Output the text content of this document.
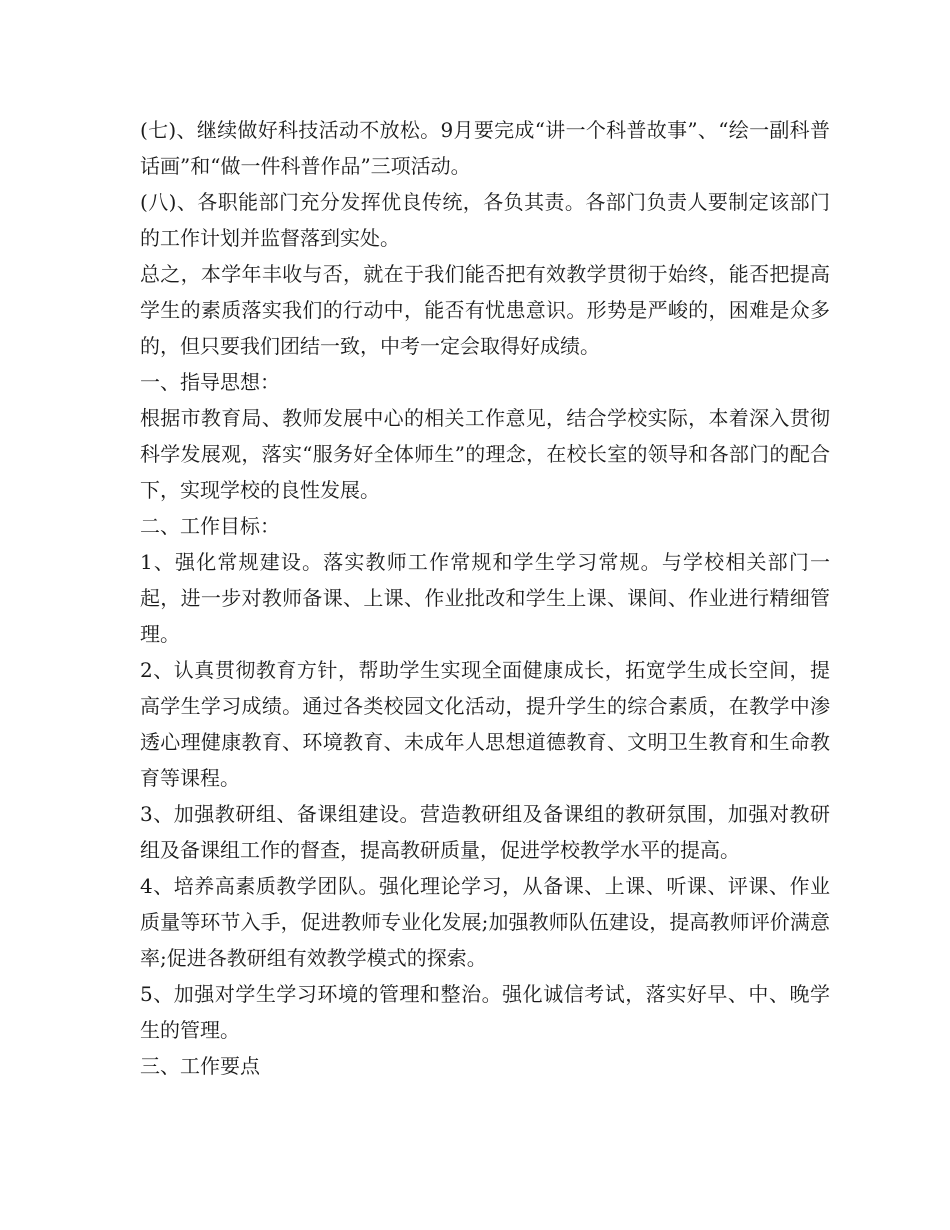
(七)、继续做好科技活动不放松。9月要完成“讲一个科普故事”、“绘一副科普话画”和“做一件科普作品”三项活动。

(八)、各职能部门充分发挥优良传统，各负其责。各部门负责人要制定该部门的工作计划并监督落到实处。

总之，本学年丰收与否，就在于我们能否把有效教学贯彻于始终，能否把提高学生的素质落实我们的行动中，能否有忧患意识。形势是严峻的，困难是众多的，但只要我们团结一致，中考一定会取得好成绩。

一、指导思想：

根据市教育局、教师发展中心的相关工作意见，结合学校实际，本着深入贯彻科学发展观，落实“服务好全体师生”的理念，在校长室的领导和各部门的配合下，实现学校的良性发展。

二、工作目标：

1、强化常规建设。落实教师工作常规和学生学习常规。与学校相关部门一起，进一步对教师备课、上课、作业批改和学生上课、课间、作业进行精细管理。

2、认真贯彻教育方针，帮助学生实现全面健康成长，拓宽学生成长空间，提高学生学习成绩。通过各类校园文化活动，提升学生的综合素质，在教学中渗透心理健康教育、环境教育、未成年人思想道德教育、文明卫生教育和生命教育等课程。

3、加强教研组、备课组建设。营造教研组及备课组的教研氛围，加强对教研组及备课组工作的督查，提高教研质量，促进学校教学水平的提高。

4、培养高素质教学团队。强化理论学习，从备课、上课、听课、评课、作业质量等环节入手，促进教师专业化发展;加强教师队伍建设，提高教师评价满意率;促进各教研组有效教学模式的探索。

5、加强对学生学习环境的管理和整治。强化诚信考试，落实好早、中、晚学生的管理。

三、工作要点
